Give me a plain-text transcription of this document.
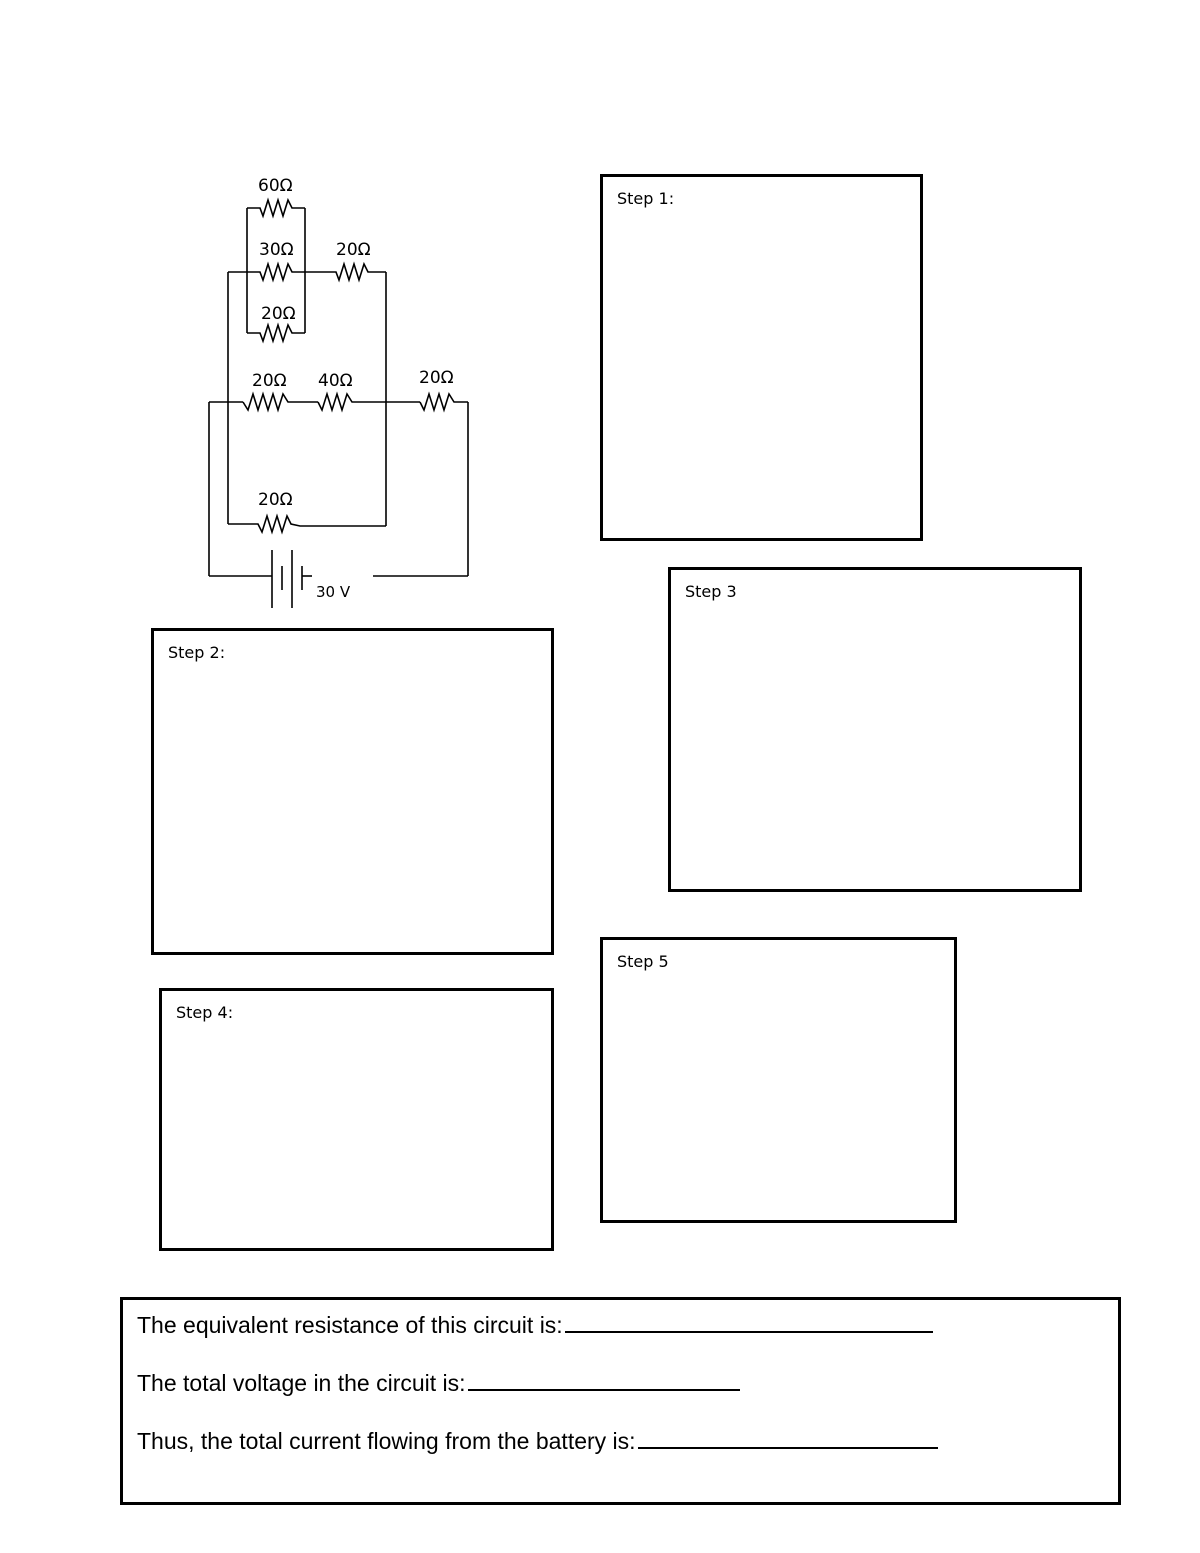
60Ω
30Ω 20Ω
20Ω
20Ω 40Ω	20Ω
20Ω
30 V
Step 1:
Step 2:
Step 3
Step 4:
Step 5
The equivalent resistance of this circuit is:
The total voltage in the circuit is:
Thus, the total current flowing from the battery is:
